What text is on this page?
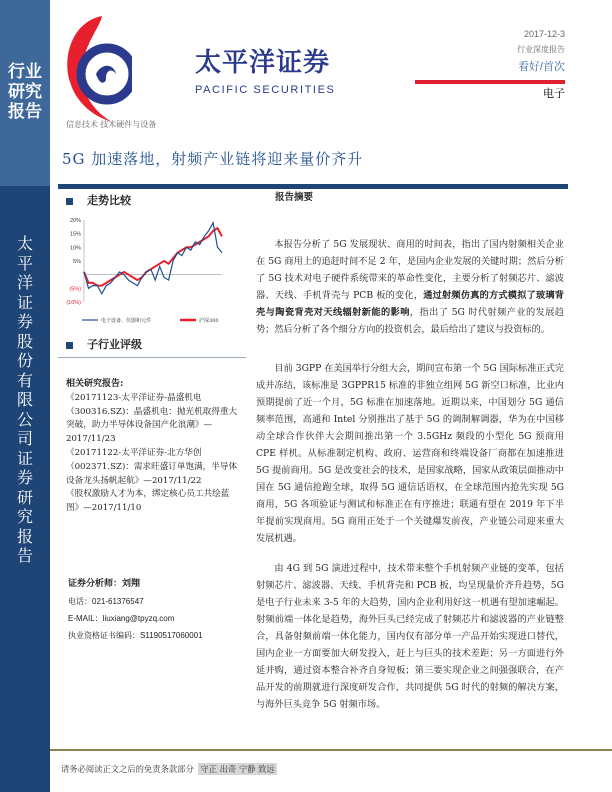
行业研究报告
太平洋证券股份有限公司证券研究报告
太平洋证券
PACIFIC SECURITIES
2017-12-3
行业深度报告
看好/首次
电子
信息技术 技术硬件与设备
5G 加速落地，射频产业链将迎来量价齐升
走势比较
20%
15%
10%
5%
(5%)
(10%)
电子设备、仪器和元件	沪深300
子行业评级
相关研究报告:
《20171123-太平洋证券-晶盛机电（300316.SZ)：晶盛机电：抛光机取得重大突破，助力半导体设备国产化浪潮》—2017/11/23
《20171122-太平洋证券-北方华创（002371.SZ)：需求旺盛订单饱满，半导体设备龙头扬帆起航》—2017/11/22
《股权激励人才为本，绑定核心员工共绘蓝图》—2017/11/10
证券分析师：刘翔
电话：021-61376547
E-MAIL：liuxiang@tpyzq.com
执业资格证书编码：S1190517060001
报告摘要
本报告分析了 5G 发展现状、商用的时间表，指出了国内射频相关企业在 5G 商用上的追赶时间不足 2 年，是国内企业发展的关键时期；然后分析了 5G 技术对电子硬件系统带来的革命性变化，主要分析了射频芯片、滤波器、天线、手机背壳与 PCB 板的变化，通过射频仿真的方式模拟了玻璃背壳与陶瓷背壳对天线辐射新能的影响，指出了 5G 时代射频产业的发展趋势；然后分析了各个细分方向的投资机会，最后给出了建议与投资标的。
目前 3GPP 在美国举行分组大会，期间宣布第一个 5G 国际标准正式完成并冻结，该标准是 3GPPR15 标准的非独立组网 5G 新空口标准，比业内预期提前了近一个月，5G 标准在加速落地。近期以来，中国划分 5G 通信频率范围，高通和 Intel 分别推出了基于 5G 的调制解调器，华为在中国移动全球合作伙伴大会期间推出第一个 3.5GHz 频段的小型化 5G 预商用 CPE 样机。从标准制定机构、政府、运营商和终端设备厂商都在加速推进 5G 提前商用。5G 是改变社会的技术，是国家战略，国家从政策层面推动中国在 5G 通信抢跑全球，取得 5G 通信话语权，在全球范围内抢先实现 5G 商用，5G 各项验证与测试和标准正在有序推进；联通有望在 2019 年下半年提前实现商用。5G 商用正处于一个关键爆发前夜，产业链公司迎来重大发展机遇。
由 4G 到 5G 演进过程中，技术带来整个手机射频产业链的变革，包括射频芯片、滤波器、天线、手机背壳和 PCB 板，均呈现量价齐升趋势，5G 是电子行业未来 3-5 年的大趋势，国内企业利用好这一机遇有望加速崛起。射频前端一体化是趋势，海外巨头已经完成了射频芯片和滤波器的产业链整合，具备射频前端一体化能力，国内仅有部分单一产品开始实现进口替代，国内企业一方面要加大研发投入，赶上与巨头的技术差距；另一方面进行外延并购，通过资本整合补齐自身短板；第三要实现企业之间强强联合，在产品开发的前期就进行深度研发合作，共同提供 5G 时代的射频的解决方案，与海外巨头竞争 5G 射频市场。
请务必阅读正文之后的免责条款部分 守正 出奇 宁静 致远
